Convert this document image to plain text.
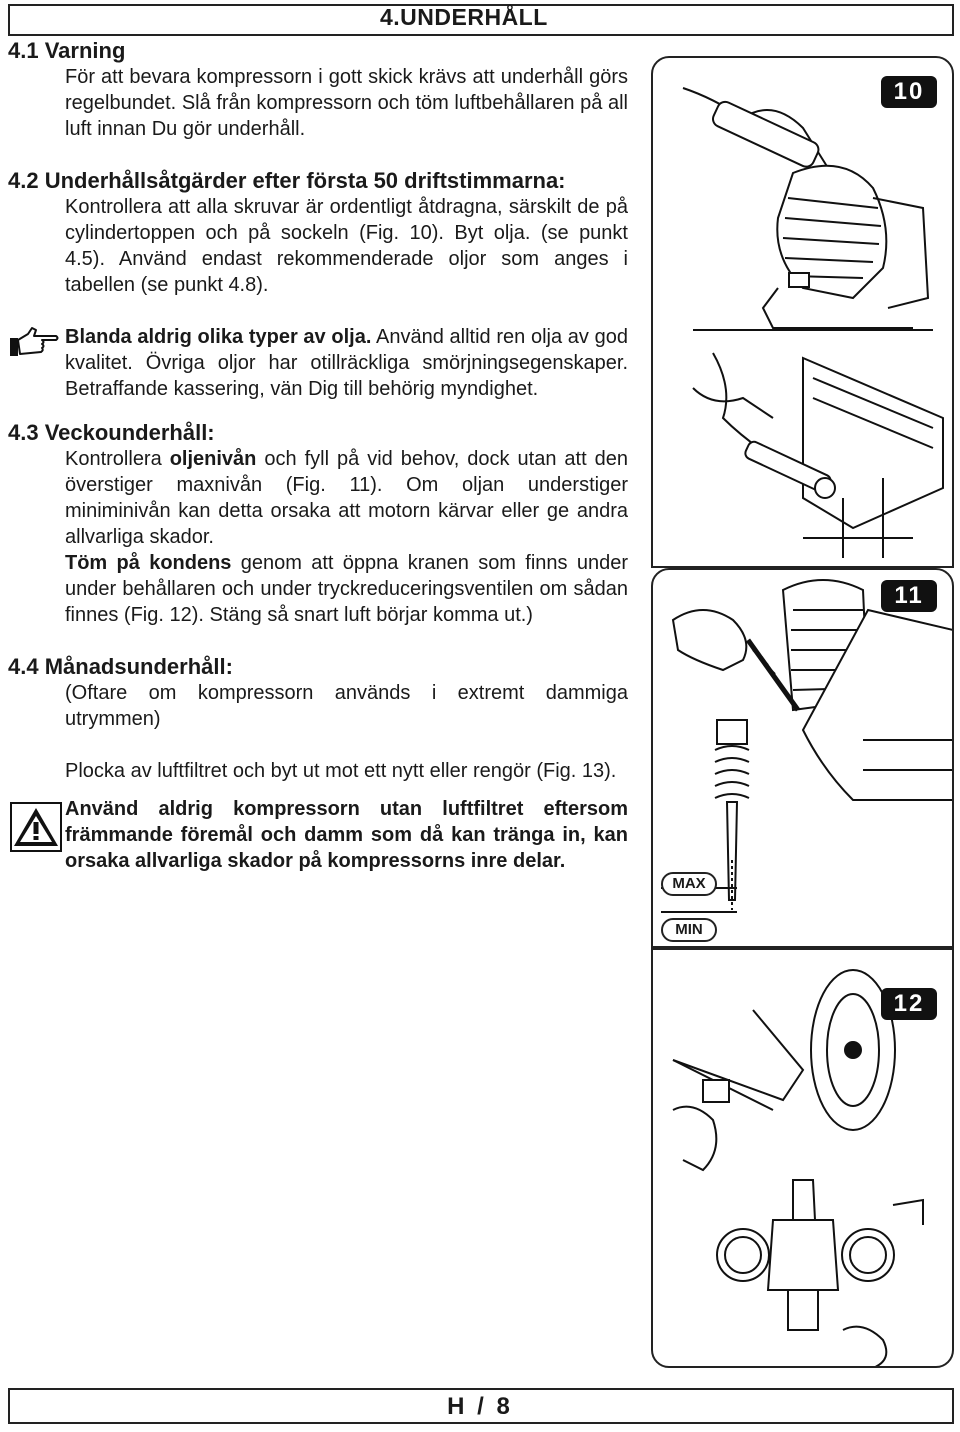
4.UNDERHÅLL
4.1 Varning
För att bevara kompressorn i gott skick krävs att underhåll görs regelbundet. Slå från kompressorn och töm luftbehållaren på all luft innan Du gör underhåll.
4.2 Underhållsåtgärder efter första 50 driftstimmarna:
Kontrollera att alla skruvar är ordentligt åtdragna, särskilt de på cylindertoppen och på sockeln (Fig. 10). Byt olja. (se punkt 4.5). Använd endast rekommenderade oljor som anges i tabellen (se punkt 4.8).
Blanda aldrig olika typer av olja. Använd alltid ren olja av god kvalitet. Övriga oljor har otillräckliga smörjningsegenskaper. Betraffande kassering, vän Dig till behörig myndighet.
4.3 Veckounderhåll:
Kontrollera oljenivån och fyll på vid behov, dock utan att den överstiger maxnivån (Fig. 11). Om oljan understiger miniminivån kan detta orsaka att motorn kärvar eller ge andra allvarliga skador.
Töm på kondens genom att öppna kranen som finns under under behållaren och under tryckreduceringsventilen om sådan finnes (Fig. 12). Stäng så snart luft börjar komma ut.)
4.4 Månadsunderhåll:
(Oftare om kompressorn används i extremt dammiga utrymmen)
Plocka av luftfiltret och byt ut mot ett nytt eller rengör (Fig. 13).
Använd aldrig kompressorn utan luftfiltret eftersom främmande föremål och damm som då kan tränga in, kan orsaka allvarliga skador på kompressorns inre delar.
10
11
MAX
MIN
12
H / 8
